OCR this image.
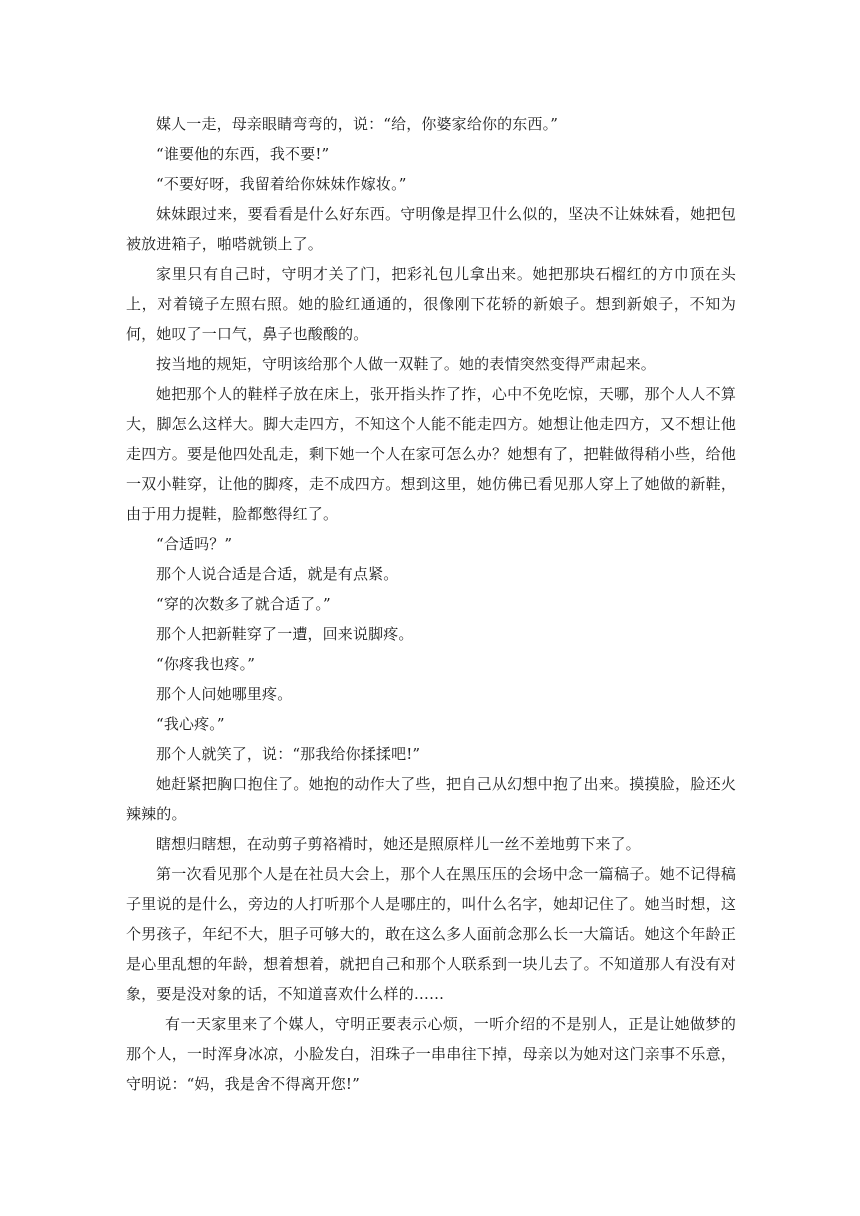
媒人一走，母亲眼睛弯弯的，说：“给，你婆家给你的东西。”

“谁要他的东西，我不要!”

“不要好呀，我留着给你妹妹作嫁妆。”

妹妹跟过来，要看看是什么好东西。守明像是捍卫什么似的，坚决不让妹妹看，她把包被放进箱子，啪嗒就锁上了。

家里只有自己时，守明才关了门，把彩礼包儿拿出来。她把那块石榴红的方巾顶在头上，对着镜子左照右照。她的脸红通通的，很像刚下花轿的新娘子。想到新娘子，不知为何，她叹了一口气，鼻子也酸酸的。

按当地的规矩，守明该给那个人做一双鞋了。她的表情突然变得严肃起来。

她把那个人的鞋样子放在床上，张开指头拃了拃，心中不免吃惊，天哪，那个人人不算大，脚怎么这样大。脚大走四方，不知这个人能不能走四方。她想让他走四方，又不想让他走四方。要是他四处乱走，剩下她一个人在家可怎么办？她想有了，把鞋做得稍小些，给他一双小鞋穿，让他的脚疼，走不成四方。想到这里，她仿佛已看见那人穿上了她做的新鞋，由于用力提鞋，脸都憋得红了。

“合适吗？”

那个人说合适是合适，就是有点紧。

“穿的次数多了就合适了。”

那个人把新鞋穿了一遭，回来说脚疼。

“你疼我也疼。”

那个人问她哪里疼。

“我心疼。”

那个人就笑了，说：“那我给你揉揉吧!”

她赶紧把胸口抱住了。她抱的动作大了些，把自己从幻想中抱了出来。摸摸脸，脸还火辣辣的。

瞎想归瞎想，在动剪子剪袼褙时，她还是照原样儿一丝不差地剪下来了。

第一次看见那个人是在社员大会上，那个人在黑压压的会场中念一篇稿子。她不记得稿子里说的是什么，旁边的人打听那个人是哪庄的，叫什么名字，她却记住了。她当时想，这个男孩子，年纪不大，胆子可够大的，敢在这么多人面前念那么长一大篇话。她这个年龄正是心里乱想的年龄，想着想着，就把自己和那个人联系到一块儿去了。不知道那人有没有对象，要是没对象的话，不知道喜欢什么样的……

有一天家里来了个媒人，守明正要表示心烦，一听介绍的不是别人，正是让她做梦的那个人，一时浑身冰凉，小脸发白，泪珠子一串串往下掉，母亲以为她对这门亲事不乐意，守明说：“妈，我是舍不得离开您!”
